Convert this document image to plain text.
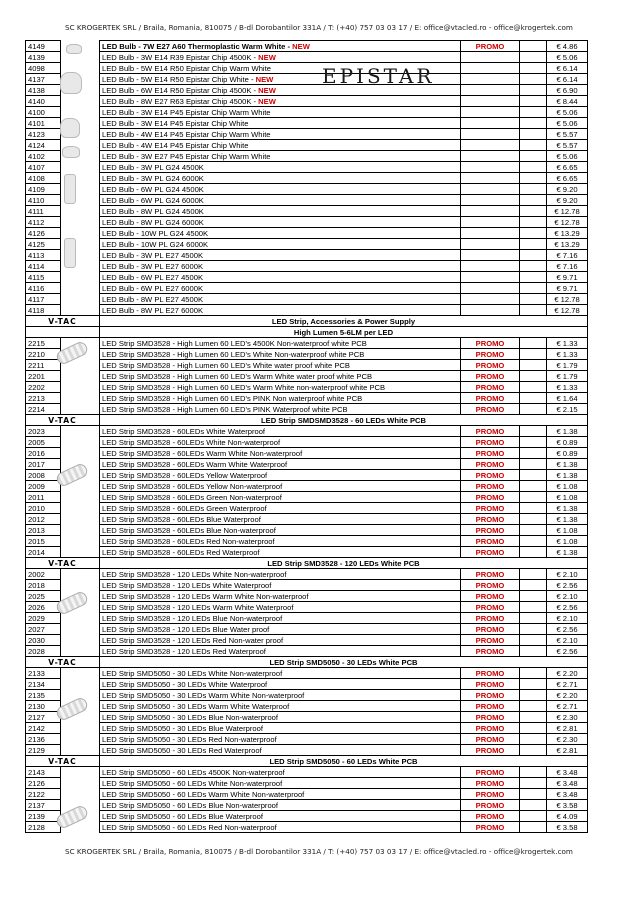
SC KROGERTEK SRL / Braila, Romania, 810075 / B-dl Dorobantilor 331A / T: (+40) 757 03 03 17 / E: office@vtacled.ro - office@krogertek.com
4149		LED Bulb - 7W E27 A60 Thermoplastic Warm White - NEW	PROMO		€ 4.86
4139		LED Bulb - 3W E14 R39 Epistar Chip 4500K - NEW			€ 5.06
4098		LED Bulb - 5W E14 R50 Epistar Chip Warm White			€ 6.14
4137		LED Bulb - 5W E14 R50 Epistar Chip White - NEW			€ 6.14
4138		LED Bulb - 6W E14 R50 Epistar Chip 4500K - NEW			€ 6.90
4140		LED Bulb - 8W E27 R63 Epistar Chip 4500K - NEW			€ 8.44
4100		LED Bulb - 3W E14 P45 Epistar Chip Warm White			€ 5.06
4101		LED Bulb - 3W E14 P45 Epistar Chip White			€ 5.06
4123		LED Bulb - 4W E14 P45 Epistar Chip Warm White			€ 5.57
4124		LED Bulb - 4W E14 P45 Epistar Chip White			€ 5.57
4102		LED Bulb - 3W E27 P45 Epistar Chip Warm White			€ 5.06
4107		LED Bulb - 3W PL G24 4500K			€ 6.65
4108		LED Bulb - 3W PL G24 6000K			€ 6.65
4109		LED Bulb - 6W PL G24 4500K			€ 9.20
4110		LED Bulb - 6W PL G24 6000K			€ 9.20
4111		LED Bulb - 8W PL G24 4500K			€ 12.78
4112		LED Bulb - 8W PL G24 6000K			€ 12.78
4126		LED Bulb - 10W PL G24 4500K			€ 13.29
4125		LED Bulb - 10W PL G24 6000K			€ 13.29
4113		LED Bulb - 3W PL E27 4500K			€ 7.16
4114		LED Bulb - 3W PL E27 6000K			€ 7.16
4115		LED Bulb - 6W PL E27 4500K			€ 9.71
4116		LED Bulb - 6W PL E27 6000K			€ 9.71
4117		LED Bulb - 8W PL E27 4500K			€ 12.78
4118		LED Bulb - 8W PL E27 6000K			€ 12.78
V-TAC		LED Strip, Accessories & Power Supply			
		High Lumen 5-6LM per LED			
2215		LED Strip SMD3528 - High Lumen 60 LED's 4500K Non-waterproof white PCB	PROMO		€ 1.33
2210		LED Strip SMD3528 - High Lumen 60 LED's White Non-waterproof white PCB	PROMO		€ 1.33
2211		LED Strip SMD3528 - High Lumen 60 LED's White water proof white PCB	PROMO		€ 1.79
2201		LED Strip SMD3528 - High Lumen 60 LED's Warm White water proof white PCB	PROMO		€ 1.79
2202		LED Strip SMD3528 - High Lumen 60 LED's Warm White non-waterproof white PCB	PROMO		€ 1.33
2213		LED Strip SMD3528 - High Lumen 60 LED's PINK Non waterproof white PCB	PROMO		€ 1.64
2214		LED Strip SMD3528 - High Lumen 60 LED's PINK Waterproof white PCB	PROMO		€ 2.15
V-TAC		LED Strip SMDSMD3528 - 60 LEDs White PCB			
2023		LED Strip SMD3528 - 60LEDs White Waterproof	PROMO		€ 1.38
2005		LED Strip SMD3528 - 60LEDs White Non-waterproof	PROMO		€ 0.89
2016		LED Strip SMD3528 - 60LEDs Warm White Non-waterproof	PROMO		€ 0.89
2017		LED Strip SMD3528 - 60LEDs Warm White Waterproof	PROMO		€ 1.38
2008		LED Strip SMD3528 - 60LEDs Yellow Waterproof	PROMO		€ 1.38
2009		LED Strip SMD3528 - 60LEDs Yellow Non-waterproof	PROMO		€ 1.08
2011		LED Strip SMD3528 - 60LEDs Green Non-waterproof	PROMO		€ 1.08
2010		LED Strip SMD3528 - 60LEDs Green Waterproof	PROMO		€ 1.38
2012		LED Strip SMD3528 - 60LEDs Blue Waterproof	PROMO		€ 1.38
2013		LED Strip SMD3528 - 60LEDs Blue Non-waterproof	PROMO		€ 1.08
2015		LED Strip SMD3528 - 60LEDs Red Non-waterproof	PROMO		€ 1.08
2014		LED Strip SMD3528 - 60LEDs Red Waterproof	PROMO		€ 1.38
V-TAC		LED Strip SMD3528 - 120 LEDs White PCB			
2002		LED Strip SMD3528 - 120 LEDs White Non-waterproof	PROMO		€ 2.10
2018		LED Strip SMD3528 - 120 LEDs White Waterproof	PROMO		€ 2.56
2025		LED Strip SMD3528 - 120 LEDs Warm White Non-waterproof	PROMO		€ 2.10
2026		LED Strip SMD3528 - 120 LEDs Warm White Waterproof	PROMO		€ 2.56
2029		LED Strip SMD3528 - 120 LEDs Blue Non-waterproof	PROMO		€ 2.10
2027		LED Strip SMD3528 - 120 LEDs Blue Water proof	PROMO		€ 2.56
2030		LED Strip SMD3528 - 120 LEDs Red Non-water proof	PROMO		€ 2.10
2028		LED Strip SMD3528 - 120 LEDs Red Waterproof	PROMO		€ 2.56
V-TAC		LED Strip SMD5050 - 30 LEDs White PCB			
2133		LED Strip SMD5050 - 30 LEDs White Non-waterproof	PROMO		€ 2.20
2134		LED Strip SMD5050 - 30 LEDs White Waterproof	PROMO		€ 2.71
2135		LED Strip SMD5050 - 30 LEDs Warm White Non-waterproof	PROMO		€ 2.20
2130		LED Strip SMD5050 - 30 LEDs Warm White Waterproof	PROMO		€ 2.71
2127		LED Strip SMD5050 - 30 LEDs Blue Non-waterproof	PROMO		€ 2.30
2142		LED Strip SMD5050 - 30 LEDs Blue Waterproof	PROMO		€ 2.81
2136		LED Strip SMD5050 - 30 LEDs Red Non-waterproof	PROMO		€ 2.30
2129		LED Strip SMD5050 - 30 LEDs Red Waterproof	PROMO		€ 2.81
V-TAC		LED Strip SMD5050 - 60 LEDs White PCB			
2143		LED Strip SMD5050 - 60 LEDs 4500K Non-waterproof	PROMO		€ 3.48
2126		LED Strip SMD5050 - 60 LEDs White Non-waterproof	PROMO		€ 3.48
2122		LED Strip SMD5050 - 60 LEDs Warm White Non-waterproof	PROMO		€ 3.48
2137		LED Strip SMD5050 - 60 LEDs Blue Non-waterproof	PROMO		€ 3.58
2139		LED Strip SMD5050 - 60 LEDs Blue Waterproof	PROMO		€ 4.09
2128		LED Strip SMD5050 - 60 LEDs Red Non-waterproof	PROMO		€ 3.58
EPISTAR
SC KROGERTEK SRL / Braila, Romania, 810075 / B-dl Dorobantilor 331A / T: (+40) 757 03 03 17 / E: office@vtacled.ro - office@krogertek.com
